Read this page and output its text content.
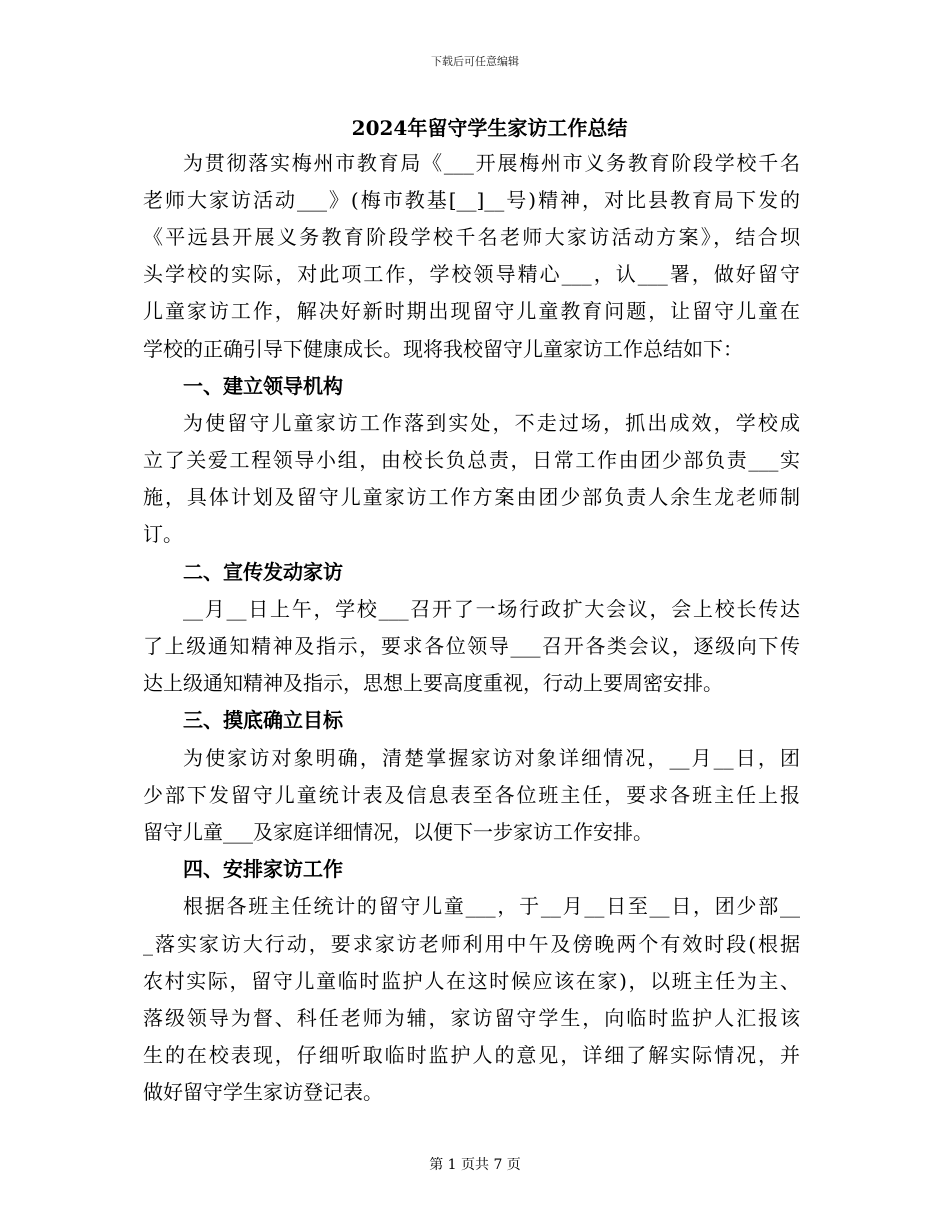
下载后可任意编辑
2024年留守学生家访工作总结
为贯彻落实梅州市教育局《___开展梅州市义务教育阶段学校千名
老师大家访活动___》(梅市教基[__]__号)精神，对比县教育局下发的
《平远县开展义务教育阶段学校千名老师大家访活动方案》，结合坝
头学校的实际，对此项工作，学校领导精心___，认___署，做好留守
儿童家访工作，解决好新时期出现留守儿童教育问题，让留守儿童在
学校的正确引导下健康成长。现将我校留守儿童家访工作总结如下：
一、建立领导机构
为使留守儿童家访工作落到实处，不走过场，抓出成效，学校成
立了关爱工程领导小组，由校长负总责，日常工作由团少部负责___实
施，具体计划及留守儿童家访工作方案由团少部负责人余生龙老师制
订。
二、宣传发动家访
__月__日上午，学校___召开了一场行政扩大会议，会上校长传达
了上级通知精神及指示，要求各位领导___召开各类会议，逐级向下传
达上级通知精神及指示，思想上要高度重视，行动上要周密安排。
三、摸底确立目标
为使家访对象明确，清楚掌握家访对象详细情况，__月__日，团
少部下发留守儿童统计表及信息表至各位班主任，要求各班主任上报
留守儿童___及家庭详细情况，以便下一步家访工作安排。
四、安排家访工作
根据各班主任统计的留守儿童___，于__月__日至__日，团少部__
_落实家访大行动，要求家访老师利用中午及傍晚两个有效时段(根据
农村实际，留守儿童临时监护人在这时候应该在家)，以班主任为主、
落级领导为督、科任老师为辅，家访留守学生，向临时监护人汇报该
生的在校表现，仔细听取临时监护人的意见，详细了解实际情况，并
做好留守学生家访登记表。
第 1 页共 7 页
